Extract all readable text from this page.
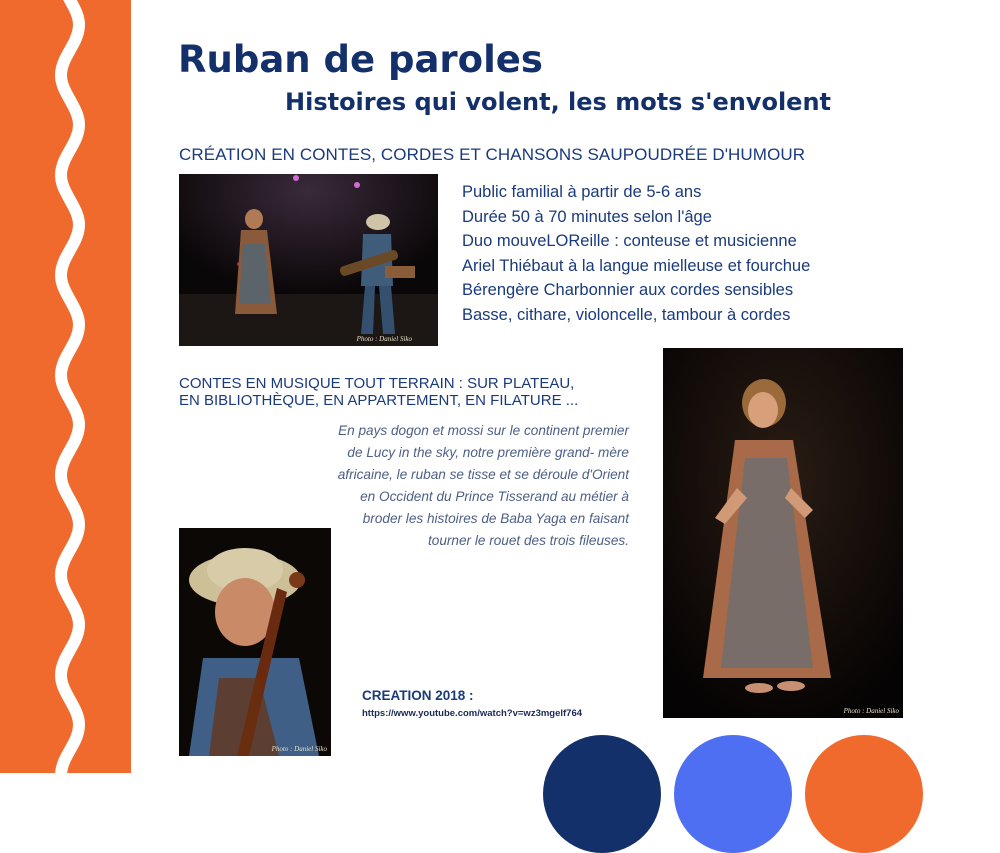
Ruban de paroles
Histoires qui volent, les mots s'envolent
CRÉATION EN CONTES, CORDES ET CHANSONS SAUPOUDRÉE D'HUMOUR
Photo : Daniel Siko
Public familial à partir de 5-6 ans
Durée 50 à 70 minutes selon l'âge
Duo mouveLOReille : conteuse et musicienne
Ariel Thiébaut à la langue mielleuse et fourchue
Bérengère Charbonnier aux cordes sensibles
Basse, cithare, violoncelle, tambour à cordes
CONTES EN MUSIQUE TOUT TERRAIN : SUR PLATEAU,
EN BIBLIOTHÈQUE, EN APPARTEMENT, EN FILATURE ...
En pays dogon et mossi sur le continent premier
de Lucy in the sky, notre première grand- mère
africaine, le ruban se tisse et se déroule d'Orient
en Occident du Prince Tisserand au métier à
broder les histoires de Baba Yaga en faisant
tourner le rouet des trois fileuses.
Photo : Daniel Siko
Photo : Daniel Siko
CREATION 2018 :
https://www.youtube.com/watch?v=wz3mgelf764
